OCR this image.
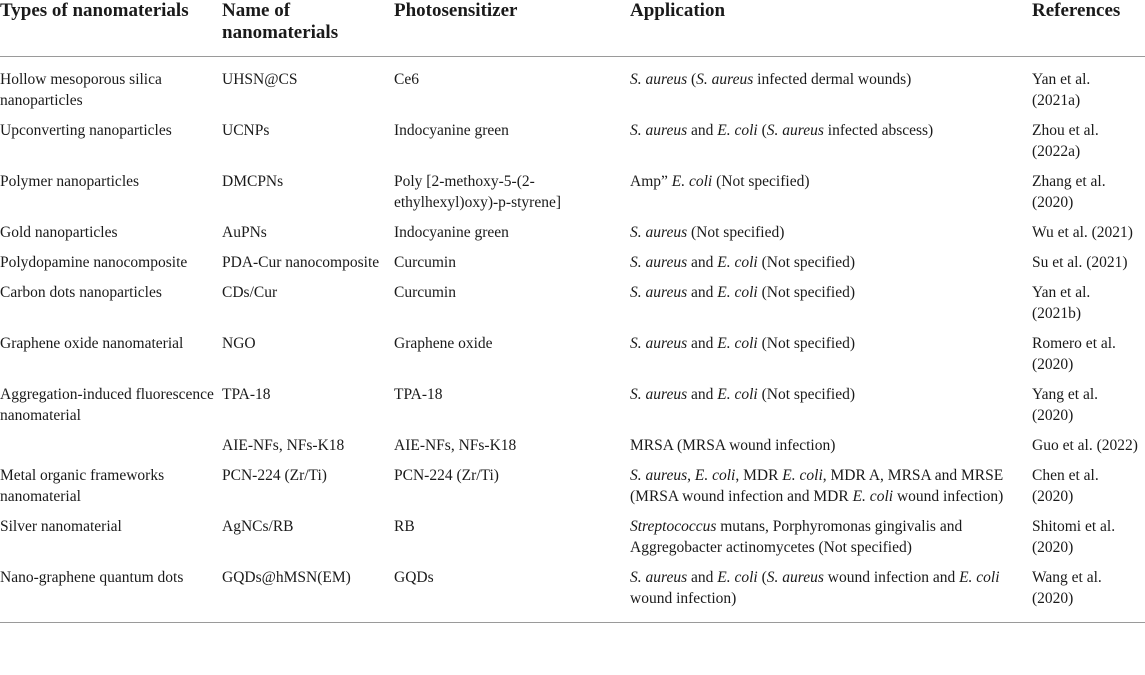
Types of nanomaterials	Name of nanomaterials	Photosensitizer	Application	References
Hollow mesoporous silica nanoparticles	UHSN@CS	Ce6	S. aureus (S. aureus infected dermal wounds)	Yan et al. (2021a)
Upconverting nanoparticles	UCNPs	Indocyanine green	S. aureus and E. coli (S. aureus infected abscess)	Zhou et al. (2022a)
Polymer nanoparticles	DMCPNs	Poly [2-methoxy-5-(2-ethylhexyl)oxy)-p-styrene]	Amp” E. coli (Not specified)	Zhang et al. (2020)
Gold nanoparticles	AuPNs	Indocyanine green	S. aureus (Not specified)	Wu et al. (2021)
Polydopamine nanocomposite	PDA-Cur nanocomposite	Curcumin	S. aureus and E. coli (Not specified)	Su et al. (2021)
Carbon dots nanoparticles	CDs/Cur	Curcumin	S. aureus and E. coli (Not specified)	Yan et al. (2021b)
Graphene oxide nanomaterial	NGO	Graphene oxide	S. aureus and E. coli (Not specified)	Romero et al. (2020)
Aggregation-induced fluorescence nanomaterial	TPA-18	TPA-18	S. aureus and E. coli (Not specified)	Yang et al. (2020)
	AIE-NFs, NFs-K18	AIE-NFs, NFs-K18	MRSA (MRSA wound infection)	Guo et al. (2022)
Metal organic frameworks nanomaterial	PCN-224 (Zr/Ti)	PCN-224 (Zr/Ti)	S. aureus, E. coli, MDR E. coli, MDR A, MRSA and MRSE (MRSA wound infection and MDR E. coli wound infection)	Chen et al. (2020)
Silver nanomaterial	AgNCs/RB	RB	Streptococcus mutans, Porphyromonas gingivalis and Aggregobacter actinomycetes (Not specified)	Shitomi et al. (2020)
Nano-graphene quantum dots	GQDs@hMSN(EM)	GQDs	S. aureus and E. coli (S. aureus wound infection and E. coli wound infection)	Wang et al. (2020)
